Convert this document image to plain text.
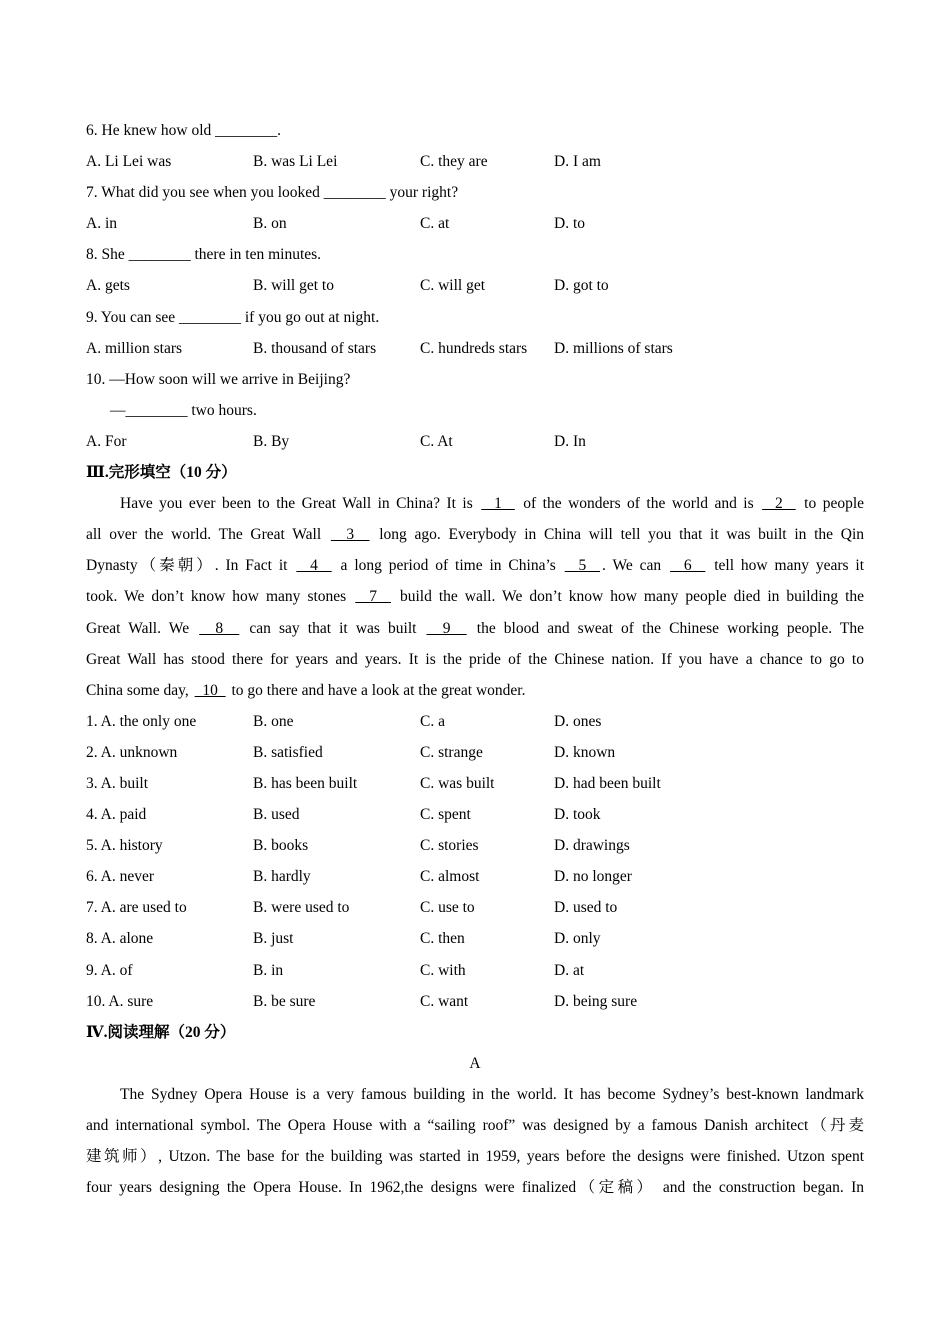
6. He knew how old ________.
A. Li Lei was	B. was Li Lei	C. they are	D. I am
7. What did you see when you looked ________ your right?
A. in	B. on	C. at	D. to
8. She ________ there in ten minutes.
A. gets	B. will get to	C. will get	D. got to
9. You can see ________ if you go out at night.
A. million stars	B. thousand of stars	C. hundreds stars	D. millions of stars
10. —How soon will we arrive in Beijing?
—________ two hours.
A. For	B. By	C. At	D. In
Ⅲ.完形填空（10 分）
Have you ever been to the Great Wall in China? It is   1   of the wonders of the world and is   2   to people
all over the world. The Great Wall   3   long ago. Everybody in China will tell you that it was built in the Qin
Dynasty（秦朝）. In Fact it   4   a long period of time in China’s   5  . We can   6   tell how many years it
took. We don’t know how many stones   7   build the wall. We don’t know how many people died in building the
Great Wall. We   8   can say that it was built   9   the blood and sweat of the Chinese working people. The
Great Wall has stood there for years and years. It is the pride of the Chinese nation. If you have a chance to go to
China some day,   10   to go there and have a look at the great wonder.
1. A. the only one	B. one	C. a	D. ones
2. A. unknown	B. satisfied	C. strange	D. known
3. A. built	B. has been built	C. was built	D. had been built
4. A. paid	B. used	C. spent	D. took
5. A. history	B. books	C. stories	D. drawings
6. A. never	B. hardly	C. almost	D. no longer
7. A. are used to	B. were used to	C. use to	D. used to
8. A. alone	B. just	C. then	D. only
9. A. of	B. in	C. with	D. at
10. A. sure	B. be sure	C. want	D. being sure
Ⅳ.阅读理解（20 分）
A
The Sydney Opera House is a very famous building in the world. It has become Sydney’s best-known landmark
and international symbol. The Opera House with a “sailing roof” was designed by a famous Danish architect（丹麦
建筑师）, Utzon. The base for the building was started in 1959, years before the designs were finished. Utzon spent
four years designing the Opera House. In 1962,the designs were finalized（定稿） and the construction began. In
